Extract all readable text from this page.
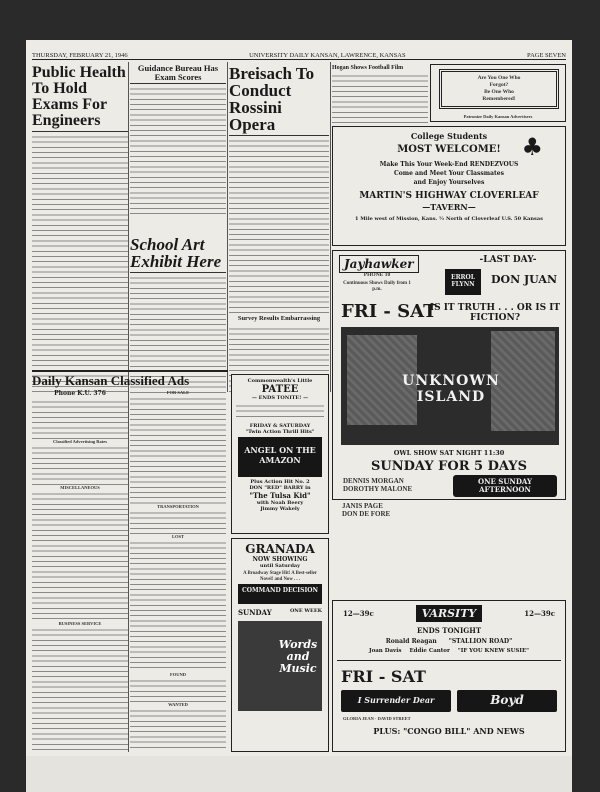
THURSDAY, FEBRUARY 21, 1946	UNIVERSITY DAILY KANSAN, LAWRENCE, KANSAS	PAGE SEVEN
Public Health To Hold Exams For Engineers
Guidance Bureau Has Exam Scores
School Art Exhibit Here
Breisach To Conduct Rossini Opera
Survey Results Embarrassing
Hogan Shows Football Film
Are You One Who
Forgot?
Be One Who
Remembered!
Patronize Daily Kansan Advertisers
College Students
MOST WELCOME! ♣
Make This Your Week-End RENDEZVOUS
Come and Meet Your Classmates
and Enjoy Yourselves
MARTIN'S HIGHWAY CLOVERLEAF
—TAVERN—
1 Mile west of Mission, Kans. ½ North of Cloverleaf U.S. 50 Kansas
Jayhawker
PHONE 10
Continuous Shows Daily from 1 p.m.
-LAST DAY-
ERROL FLYNN	DON JUAN
FRI - SAT
IS IT TRUTH . . . OR IS IT FICTION?
UNKNOWN ISLAND
OWL SHOW SAT NIGHT 11:30
SUNDAY FOR 5 DAYS
DENNIS MORGAN
DOROTHY MALONE
ONE SUNDAY AFTERNOON
JANIS PAGE
DON DE FORE
Daily Kansan Classified Ads
Phone K.U. 376
Classified Advertising Rates
MISCELLANEOUS
BUSINESS SERVICE
FOR SALE
TRANSPORTATION
LOST
FOUND
WANTED
Commonwealth's Little
PATEE
— ENDS TONITE! —
FRIDAY & SATURDAY
"Twin Action Thrill Hits"
ANGEL ON THE AMAZON
Plus Action Hit No. 2
DON "RED" BARRY in
"The Tulsa Kid"
with Noah Beery
Jimmy Wakely
GRANADA
NOW SHOWING
until Saturday
A Broadway Stage Hit! A Best-seller Novel! and Now . . .
COMMAND DECISION
SUNDAY	ONE WEEK
Words and Music
12—39c	VARSITY	12—39c
ENDS TONIGHT
Ronald Reagan "STALLION ROAD"
Joan Davis Eddie Cantor "IF YOU KNEW SUSIE"
FRI - SAT
I Surrender Dear	Boyd
GLORIA JEAN · DAVID STREET
PLUS: "CONGO BILL" AND NEWS
